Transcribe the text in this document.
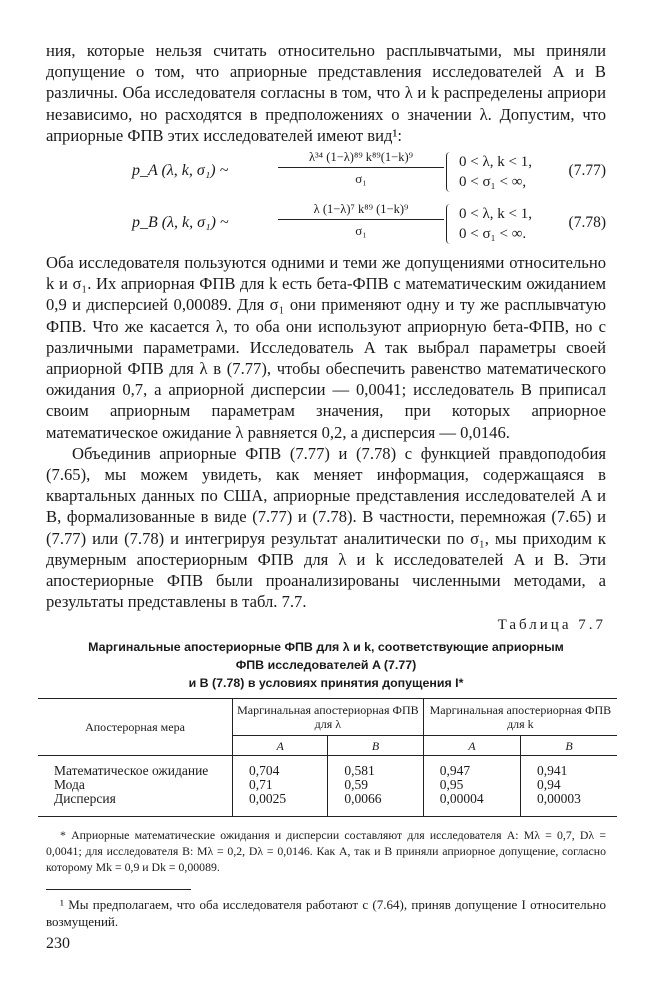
ния, которые нельзя считать относительно расплывчатыми, мы приняли допущение о том, что априорные представления исследователей А и В различны. Оба исследователя согласны в том, что λ и k распределены априори независимо, но расходятся в предположениях о значении λ. Допустим, что априорные ФПВ этих исследователей имеют вид¹:

p_A (λ, k, σ₁) ~	$\frac{\text{λ³⁴ (1−λ)⁸⁹ k⁸⁹(1−k)⁹}}{\text{σ₁}} 0 < \lambda$, k < 1,
0 < σ₁ < ∞,
(7.77)
p_B (λ, k, σ₁) ~	$\frac{\text{λ (1−λ)⁷ k⁸⁹ (1−k)⁹}}{\text{σ₁}} 0 < \lambda$, k < 1,
0 < σ₁ < ∞.
(7.78)

Оба исследователя пользуются одними и теми же допущениями относительно k и σ₁. Их априорная ФПВ для k есть бета-ФПВ с математическим ожиданием 0,9 и дисперсией 0,00089. Для σ₁ они применяют одну и ту же расплывчатую ФПВ. Что же касается λ, то оба они используют априорную бета-ФПВ, но с различными параметрами. Исследователь A так выбрал параметры своей априорной ФПВ для λ в (7.77), чтобы обеспечить равенство математического ожидания 0,7, а априорной дисперсии — 0,0041; исследователь B приписал своим априорным параметрам значения, при которых априорное математическое ожидание λ равняется 0,2, а дисперсия — 0,0146.

Объединив априорные ФПВ (7.77) и (7.78) с функцией правдоподобия (7.65), мы можем увидеть, как меняет информация, содержащаяся в квартальных данных по США, априорные представления исследователей A и B, формализованные в виде (7.77) и (7.78). В частности, перемножая (7.65) и (7.77) или (7.78) и интегрируя результат аналитически по σ₁, мы приходим к двумерным апостериорным ФПВ для λ и k исследователей A и B. Эти апостериорные ФПВ были проанализированы численными методами, а результаты представлены в табл. 7.7.

Таблица 7.7
Маргинальные апостериорные ФПВ для λ и k, соответствующие априорным
ФПВ исследователей A (7.77)
и B (7.78) в условиях принятия допущения I*
Апостерорная мера	Маргинальная апостериорная ФПВ для λ		Маргинальная апостериорная ФПВ для k	
	A	B	A	B

Математическое ожидание	0,704	0,581	0,947	0,941
Мода	0,71	0,59	0,95	0,94
Дисперсия	0,0025	0,0066	0,00004	0,00003

* Априорные математические ожидания и дисперсии составляют для исследователя A: Mλ = 0,7, Dλ = 0,0041; для исследователя B: Mλ = 0,2, Dλ = 0,0146. Как A, так и B приняли априорное допущение, согласно которому Mk = 0,9 и Dk = 0,00089.

¹ Мы предполагаем, что оба исследователя работают с (7.64), приняв допущение I относительно возмущений.

230
